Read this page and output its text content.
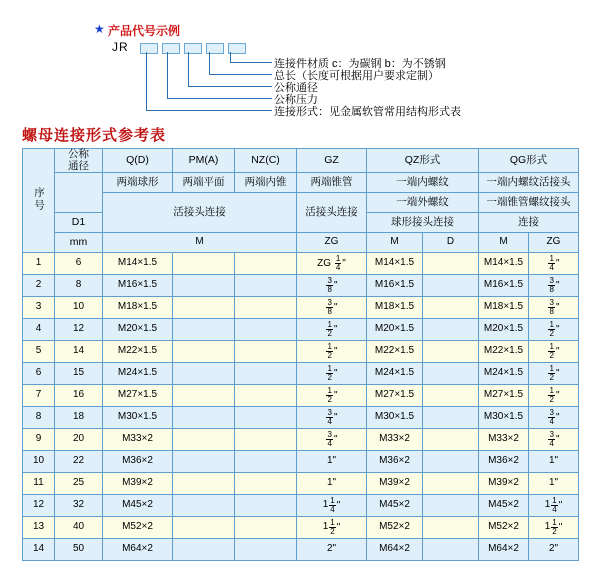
★ 产品代号示例
JR
连接件材质 c：为碳钢 b：为不锈钢
总长（长度可根据用户要求定制）
公称通径
公称压力
连接形式：见金属软管常用结构形式表
螺母连接形式参考表
序号	公称通径	Q(D)	PM(A)	NZ(C)	GZ	QZ形式		QG形式	
		两端球形	两端平面	两端内锥	两端锥管	一端内螺纹		一端内螺纹活接头	
		活接头连接			活接头连接	一端外螺纹		一端锥管螺纹接头	
	D1					球形接头连接		连接	
	mm	M			ZG	M	D	M	ZG
1	6	M14×1.5			ZG $\frac{1}{4}$ "	M14×1.5		M14×1.5	$\frac{1}{4}$ "
2	8	M16×1.5			$\frac{3}{8}$ "	M16×1.5		M16×1.5	$\frac{3}{8}$ "
3	10	M18×1.5			$\frac{3}{8}$ "	M18×1.5		M18×1.5	$\frac{3}{8}$ "
4	12	M20×1.5			$\frac{1}{2}$ "	M20×1.5		M20×1.5	$\frac{1}{2}$ "
5	14	M22×1.5			$\frac{1}{2}$ "	M22×1.5		M22×1.5	$\frac{1}{2}$ "
6	15	M24×1.5			$\frac{1}{2}$ "	M24×1.5		M24×1.5	$\frac{1}{2}$ "
7	16	M27×1.5			$\frac{1}{2}$ "	M27×1.5		M27×1.5	$\frac{1}{2}$ "
8	18	M30×1.5			$\frac{3}{4}$ "	M30×1.5		M30×1.5	$\frac{3}{4}$ "
9	20	M33×2			$\frac{3}{4}$ "	M33×2		M33×2	$\frac{3}{4}$ "
10	22	M36×2			1"	M36×2		M36×2	1"
11	25	M39×2			1"	M39×2		M39×2	1"
12	32	M45×2			$1 \frac{1}{4}$ "	M45×2		M45×2	$1 \frac{1}{4}$ "
13	40	M52×2			$1 \frac{1}{2}$ "	M52×2		M52×2	$1 \frac{1}{2}$ "
14	50	M64×2			2"	M64×2		M64×2	2"
